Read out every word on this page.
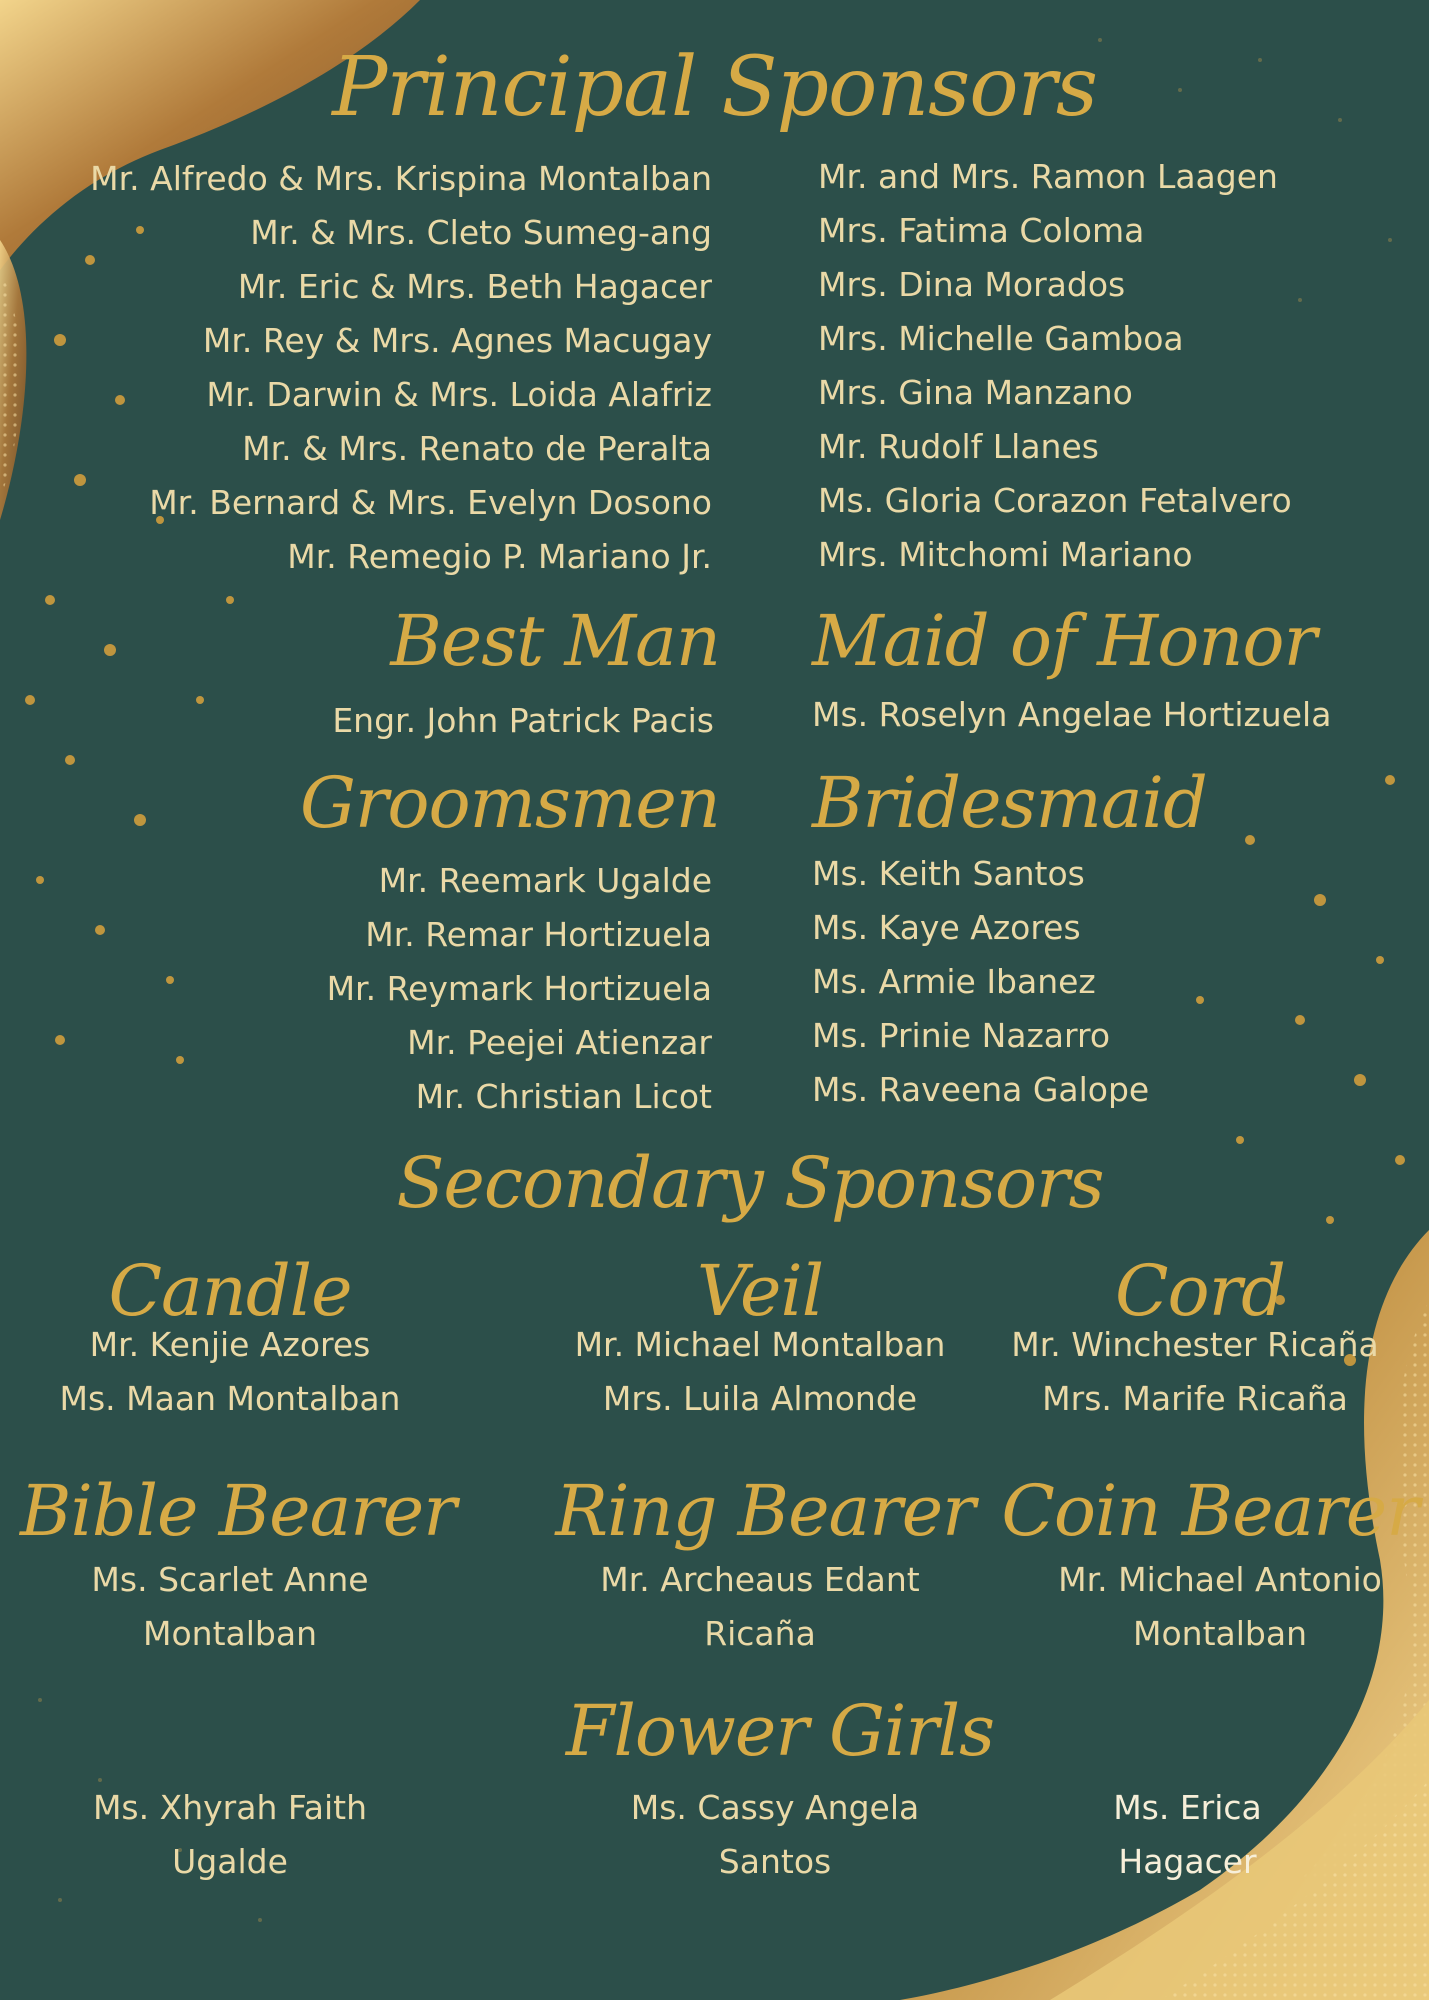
Principal Sponsors
Mr. Alfredo & Mrs. Krispina Montalban
Mr. & Mrs. Cleto Sumeg-ang
Mr. Eric & Mrs. Beth Hagacer
Mr. Rey & Mrs. Agnes Macugay
Mr. Darwin & Mrs. Loida Alafriz
Mr. & Mrs. Renato de Peralta
Mr. Bernard & Mrs. Evelyn Dosono
Mr. Remegio P. Mariano Jr.
Mr. and Mrs. Ramon Laagen
Mrs. Fatima Coloma
Mrs. Dina Morados
Mrs. Michelle Gamboa
Mrs. Gina Manzano
Mr. Rudolf Llanes
Ms. Gloria Corazon Fetalvero
Mrs. Mitchomi Mariano
Best Man
Engr. John Patrick Pacis
Maid of Honor
Ms. Roselyn Angelae Hortizuela
Groomsmen
Mr. Reemark Ugalde
Mr. Remar Hortizuela
Mr. Reymark Hortizuela
Mr. Peejei Atienzar
Mr. Christian Licot
Bridesmaid
Ms. Keith Santos
Ms. Kaye Azores
Ms. Armie Ibanez
Ms. Prinie Nazarro
Ms. Raveena Galope
Secondary Sponsors
Candle
Mr. Kenjie Azores
Ms. Maan Montalban
Veil
Mr. Michael Montalban
Mrs. Luila Almonde
Cord
Mr. Winchester Ricaña
Mrs. Marife Ricaña
Bible Bearer
Ms. Scarlet Anne
Montalban
Ring Bearer
Mr. Archeaus Edant
Ricaña
Coin Bearer
Mr. Michael Antonio
Montalban
Flower Girls
Ms. Xhyrah Faith
Ugalde
Ms. Cassy Angela
Santos
Ms. Erica
Hagacer
